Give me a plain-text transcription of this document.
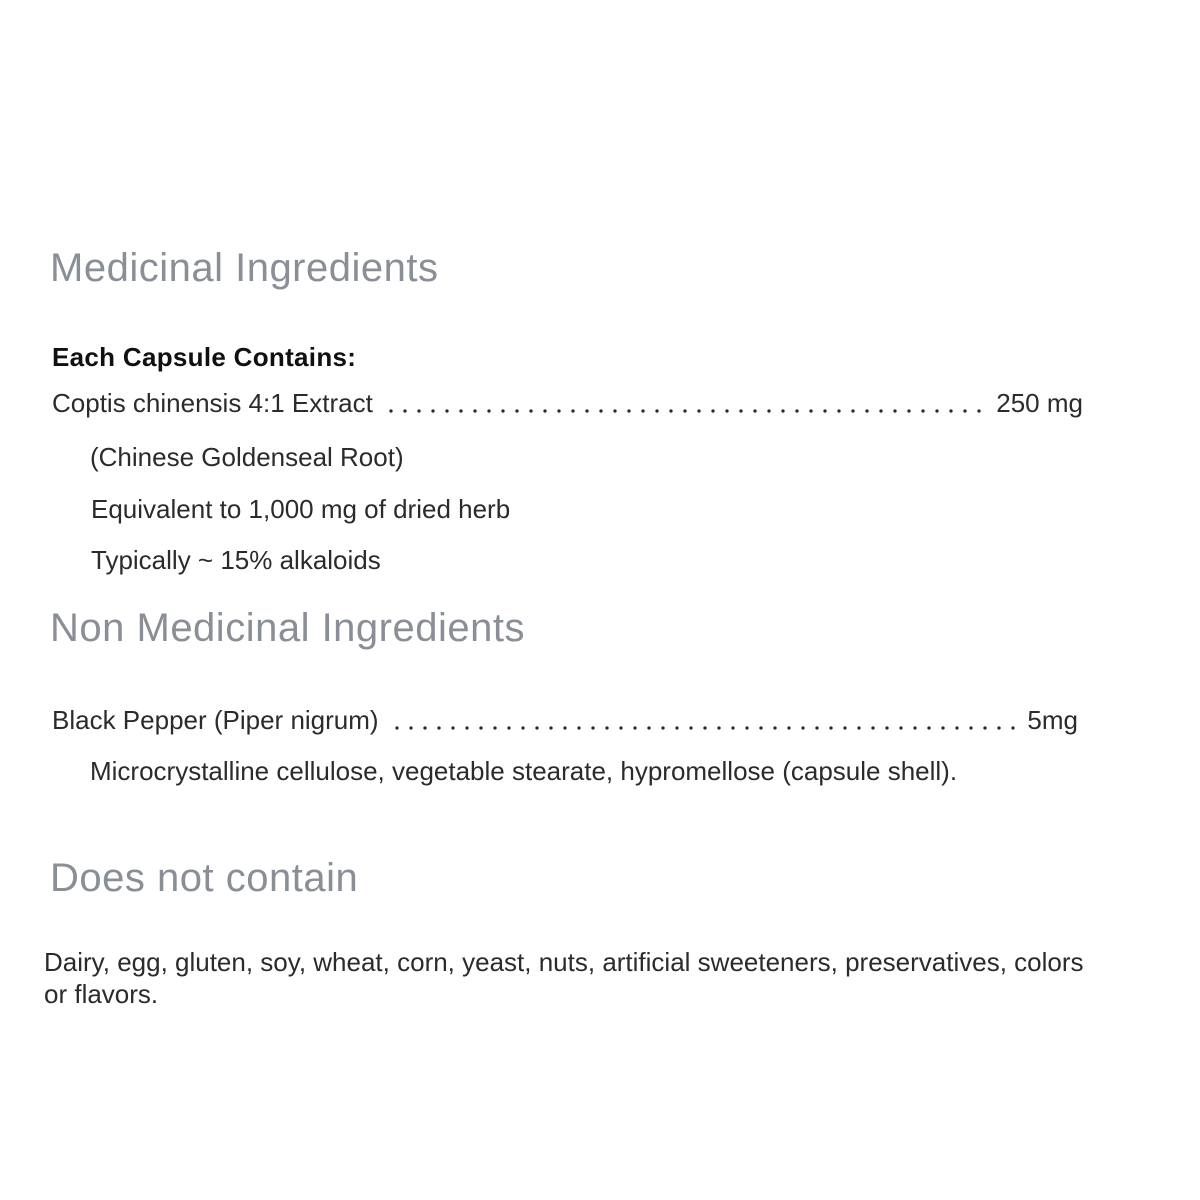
Medicinal Ingredients
Each Capsule Contains:
Coptis chinensis 4:1 Extract	250 mg
(Chinese Goldenseal Root)
Equivalent to 1,000 mg of dried herb
Typically ~ 15% alkaloids
Non Medicinal Ingredients
Black Pepper (Piper nigrum)	5mg
Microcrystalline cellulose, vegetable stearate, hypromellose (capsule shell).
Does not contain
Dairy, egg, gluten, soy, wheat, corn, yeast, nuts, artificial sweeteners, preservatives, colors or flavors.
